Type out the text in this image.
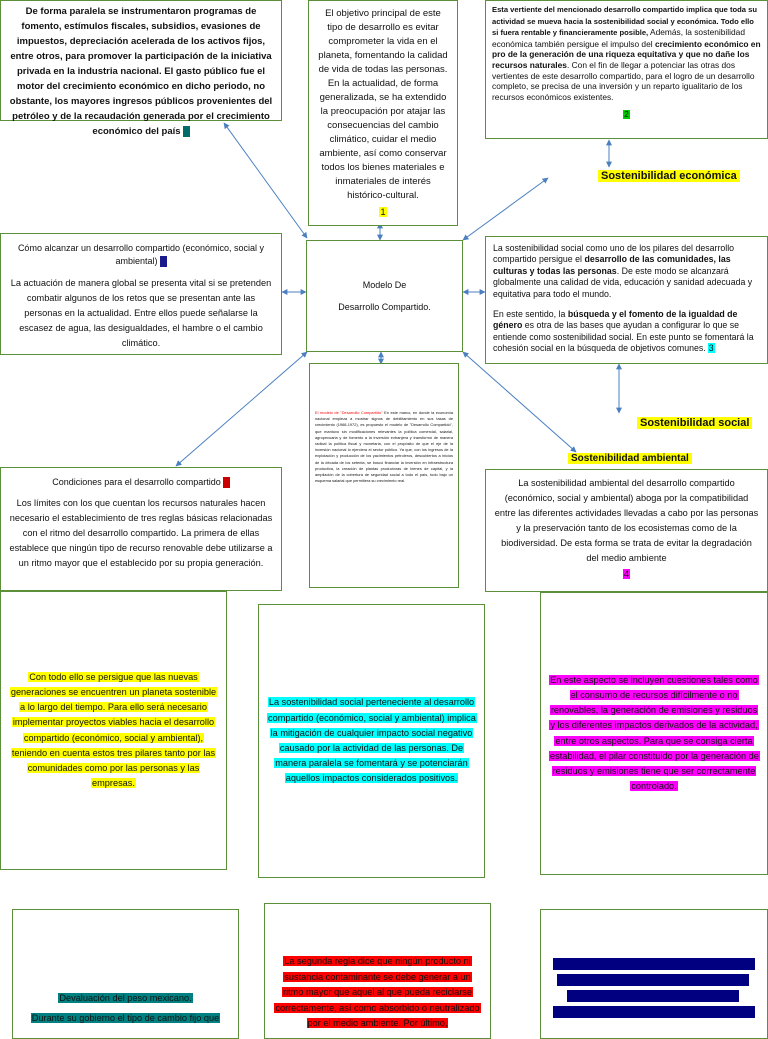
De forma paralela se instrumentaron programas de fomento, estímulos fiscales, subsidios, evasiones de impuestos, depreciación acelerada de los activos fijos, entre otros, para promover la participación de la iniciativa privada en la industria nacional. El gasto público fue el motor del crecimiento económico en dicho periodo, no obstante, los mayores ingresos públicos provenientes del petróleo y de la recaudación generada por el crecimiento económico del país

El objetivo principal de este tipo de desarrollo es evitar comprometer la vida en el planeta, fomentando la calidad de vida de todas las personas. En la actualidad, de forma generalizada, se ha extendido la preocupación por atajar las consecuencias del cambio climático, cuidar el medio ambiente, así como conservar todos los bienes materiales e inmateriales de interés histórico-cultural.

1

Esta vertiente del mencionado desarrollo compartido implica que toda su actividad se mueva hacia la sostenibilidad social y económica. Todo ello si fuera rentable y financieramente posible, Además, la sostenibilidad económica también persigue el impulso del crecimiento económico en pro de la generación de una riqueza equitativa y que no dañe los recursos naturales. Con el fin de llegar a potenciar las otras dos vertientes de este desarrollo compartido, para el logro de un desarrollo completo, se precisa de una inversión y un reparto igualitario de los recursos económicos existentes.

2

Sostenibilidad económica

Cómo alcanzar un desarrollo compartido (económico, social y ambiental)

La actuación de manera global se presenta vital si se pretenden combatir algunos de los retos que se presentan ante las personas en la actualidad. Entre ellos puede señalarse la escasez de agua, las desigualdades, el hambre o el cambio climático.

Modelo De

Desarrollo Compartido.

La sostenibilidad social como uno de los pilares del desarrollo compartido persigue el desarrollo de las comunidades, las culturas y todas las personas. De este modo se alcanzará globalmente una calidad de vida, educación y sanidad adecuada y equitativa para todo el mundo.

En este sentido, la búsqueda y el fomento de la igualdad de género es otra de las bases que ayudan a configurar lo que se entiende como sostenibilidad social. En este punto se fomentará la cohesión social en la búsqueda de objetivos comunes. 3

Sostenibilidad social

El modelo de "Desarrollo Compartido" En este marco, en donde la economía nacional empieza a mostrar signos de debilitamiento en sus tasas de crecimiento (1968-1972), es propuesto el modelo de "Desarrollo Compartido", que mantuvo sin modificaciones relevantes la política comercial, salarial, agropecuaria y de fomento a la inversión extranjera y transformó de manera radical la política fiscal y monetaria, con el propósito de que el eje de la inversión nacional lo ejerciera el sector público. Ya que, con los ingresos de la explotación y producción de los yacimientos petroleros, descubiertos a inicios de la década de los setenta, se buscó financiar la inversión en infraestructura productiva, la creación de plantas productoras de bienes de capital, y la ampliación de la cobertura de seguridad social a todo el país, todo bajo un esquema salarial que permitiera su crecimiento real.

Sostenibilidad ambiental

Condiciones para el desarrollo compartido

Los límites con los que cuentan los recursos naturales hacen necesario el establecimiento de tres reglas básicas relacionadas con el ritmo del desarrollo compartido. La primera de ellas establece que ningún tipo de recurso renovable debe utilizarse a un ritmo mayor que el establecido por su propia generación.

La sostenibilidad ambiental del desarrollo compartido (económico, social y ambiental) aboga por la compatibilidad entre las diferentes actividades llevadas a cabo por las personas y la preservación tanto de los ecosistemas como de la biodiversidad. De esta forma se trata de evitar la degradación del medio ambiente

4

Con todo ello se persigue que las nuevas generaciones se encuentren un planeta sostenible a lo largo del tiempo. Para ello será necesario implementar proyectos viables hacia el desarrollo compartido (económico, social y ambiental), teniendo en cuenta estos tres pilares tanto por las comunidades como por las personas y las empresas.

La sostenibilidad social perteneciente al desarrollo compartido (económico, social y ambiental) implica la mitigación de cualquier impacto social negativo causado por la actividad de las personas. De manera paralela se fomentará y se potenciarán aquellos impactos considerados positivos.

En este aspecto se incluyen cuestiones tales como el consumo de recursos difícilmente o no renovables, la generación de emisiones y residuos y los diferentes impactos derivados de la actividad, entre otros aspectos. Para que se consiga cierta estabilidad, el pilar constituido por la generación de residuos y emisiones tiene que ser correctamente controlado.

Devaluación del peso mexicano.

Durante su gobierno el tipo de cambio fijo que

La segunda regla dice que ningún producto ni sustancia contaminante se debe generar a un ritmo mayor que aquel al que pueda reciclarse correctamente, así como absorbido o neutralizado por el medio ambiente. Por último,
